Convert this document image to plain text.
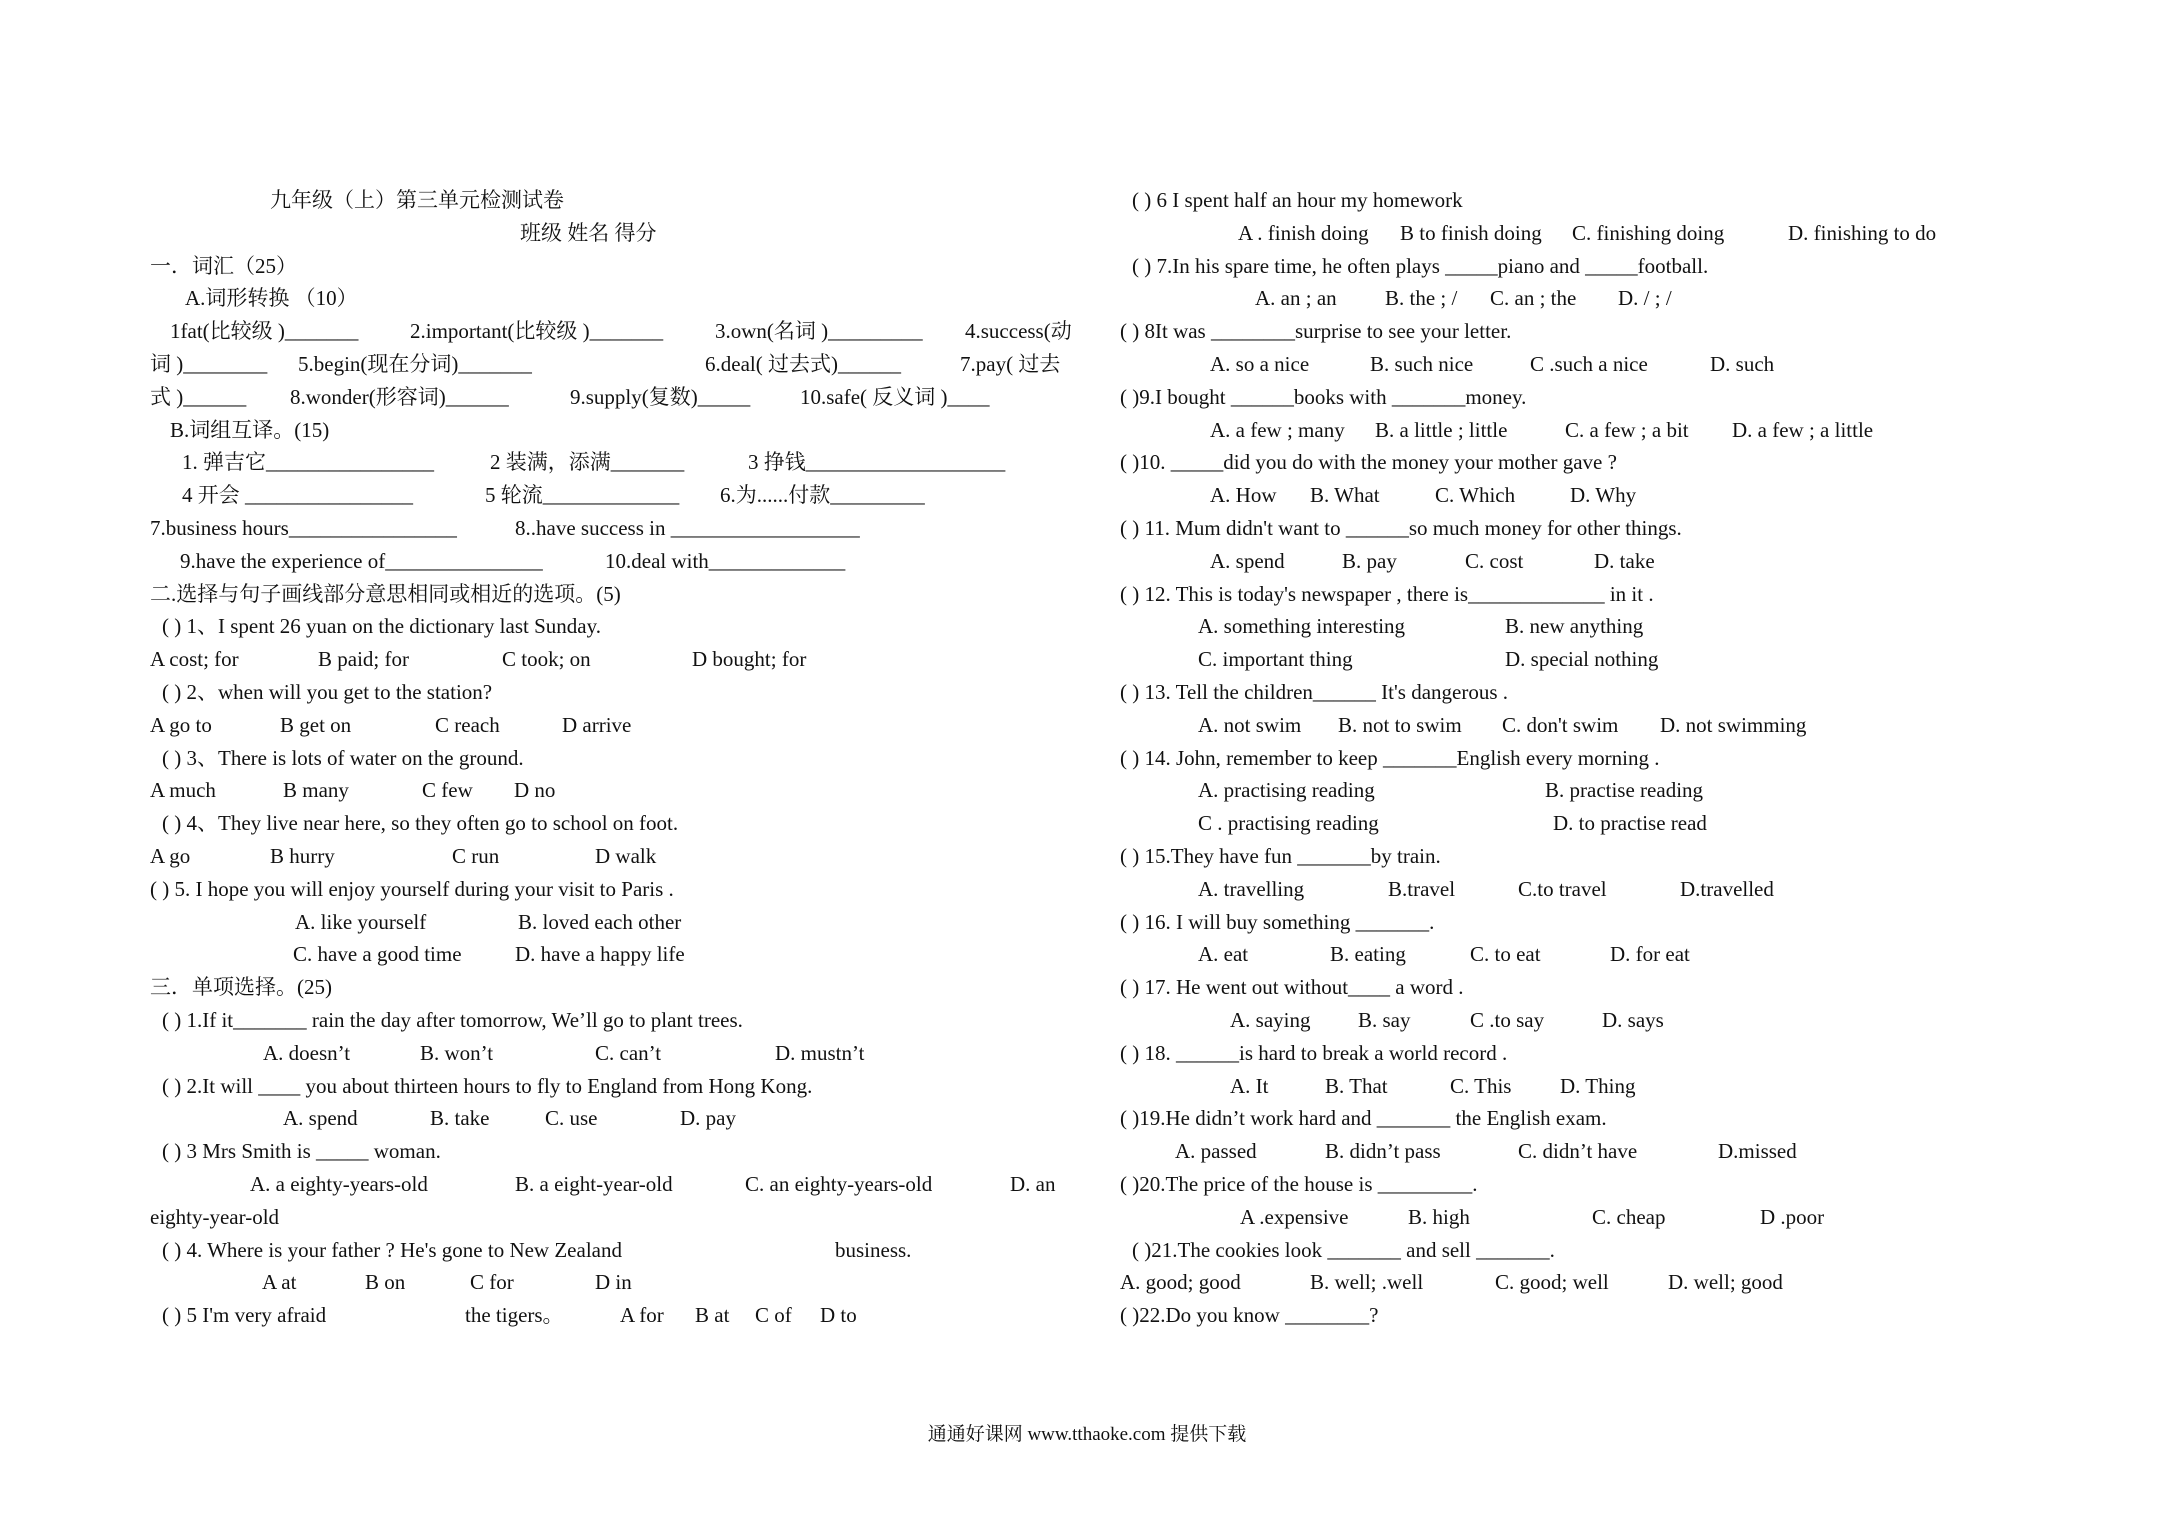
九年级（上）第三单元检测试卷
班级 姓名 得分
一．词汇（25）
A.词形转换 （10）
1fat(比较级 )_______ 2.important(比较级 )_______ 3.own(名词 )_________ 4.success(动
词 )________ 5.begin(现在分词)_______	6.deal( 过去式)______	7.pay( 过去
式 )______ 8.wonder(形容词)______	9.supply(复数)_____ 10.safe( 反义词 )____
B.词组互译。(15)
1. 弹吉它________________	2 装满，添满_______	3 挣钱___________________
4 开会 ________________	5 轮流_____________ 6.为......付款_________
7.business hours________________	8..have success in __________________
9.have the experience of_______________	10.deal with_____________
二.选择与句子画线部分意思相同或相近的选项。(5)
( ) 1、I spent 26 yuan on the dictionary last Sunday.
A cost; for	B paid; for	C took; on	D bought; for
( ) 2、when will you get to the station?
A go to	B get on	C reach	D arrive
( ) 3、There is lots of water on the ground.
A much	B many	C few D no
( ) 4、They live near here, so they often go to school on foot.
A go	B hurry	C run	D walk
( ) 5. I hope you will enjoy yourself during your visit to Paris .
A. like yourself	B. loved each other
C. have a good time	D. have a happy life
三．单项选择。(25)
( ) 1.If it_______ rain the day after tomorrow, We’ll go to plant trees.
A. doesn’t	B. won’t	C. can’t	D. mustn’t
( ) 2.It will ____ you about thirteen hours to fly to England from Hong Kong.
A. spend	B. take	C. use	D. pay
( ) 3 Mrs Smith is _____ woman.
A. a eighty-years-old	B. a eight-year-old	C. an eighty-years-old	D. an
eighty-year-old
( ) 4. Where is your father ? He's gone to New Zealand	business.
A at	B on	C for	D in
( ) 5 I'm very afraid	the tigers。	A for B at C of D to
( ) 6 I spent half an hour my homework
A . finish doing B to finish doing C. finishing doing	D. finishing to do
( ) 7.In his spare time, he often plays _____piano and _____football.
A. an ; an B. the ; / C. an ; the D. / ; /
( ) 8It was ________surprise to see your letter.
A. so a nice	B. such nice	C .such a nice	D. such
( )9.I bought ______books with _______money.
A. a few ; many B. a little ; little	C. a few ; a bit D. a few ; a little
( )10. _____did you do with the money your mother gave ?
A. How B. What	C. Which	D. Why
( ) 11. Mum didn't want to ______so much money for other things.
A. spend	B. pay	C. cost	D. take
( ) 12. This is today's newspaper , there is_____________ in it .
A. something interesting	B. new anything
C. important thing	D. special nothing
( ) 13. Tell the children______ It's dangerous .
A. not swim B. not to swim C. don't swim D. not swimming
( ) 14. John, remember to keep _______English every morning .
A. practising reading	B. practise reading
C . practising reading	D. to practise read
( ) 15.They have fun _______by train.
A. travelling	B.travel	C.to travel	D.travelled
( ) 16. I will buy something _______.
A. eat	B. eating	C. to eat	D. for eat
( ) 17. He went out without____ a word .
A. saying B. say	C .to say	D. says
( ) 18. ______is hard to break a world record .
A. It	B. That	C. This D. Thing
( )19.He didn’t work hard and _______ the English exam.
A. passed	B. didn’t pass	C. didn’t have	D.missed
( )20.The price of the house is _________.
A .expensive	B. high	C. cheap	D .poor
( )21.The cookies look _______ and sell _______.
A. good; good	B. well; .well	C. good; well	D. well; good
( )22.Do you know ________?
通通好课网 www.tthaoke.com 提供下载
